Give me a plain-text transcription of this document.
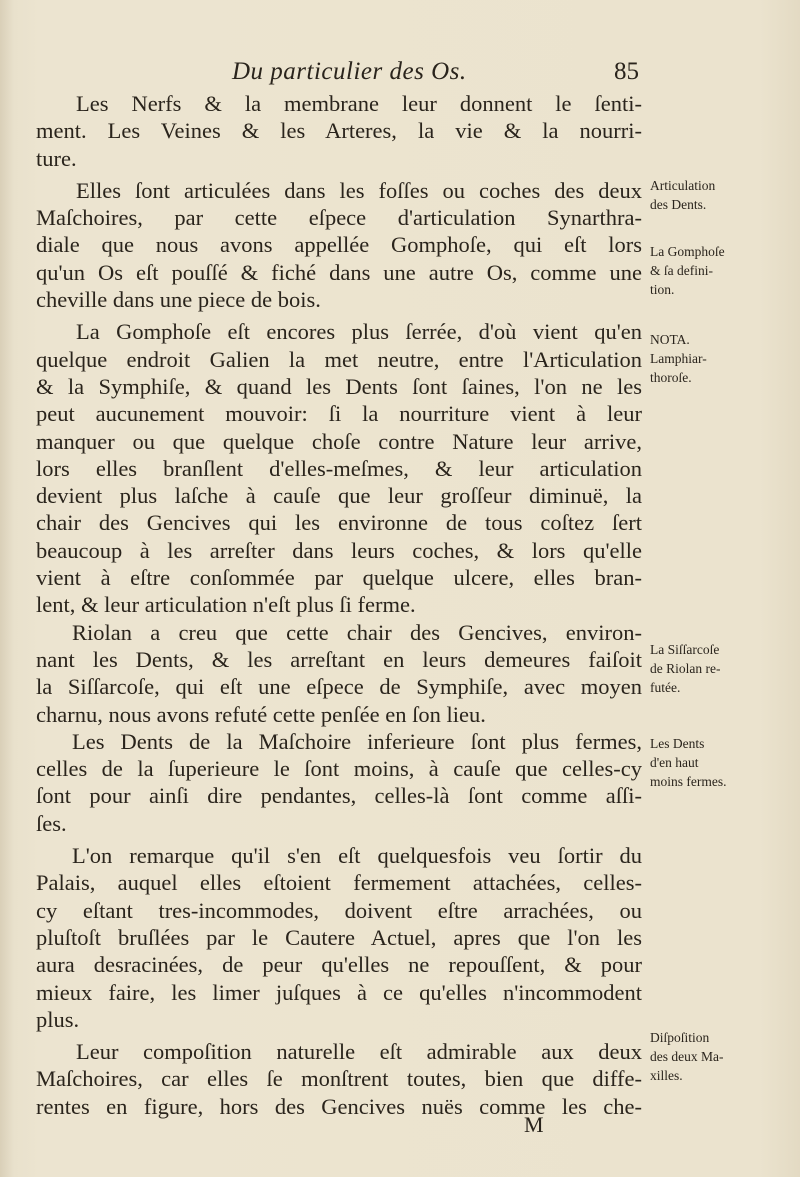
Du particulier des Os.	85
Les Nerfs & la membrane leur donnent le ſenti-
ment. Les Veines & les Arteres, la vie & la nourri-
ture.
Elles ſont articulées dans les foſſes ou coches des deux
Maſchoires, par cette eſpece d'articulation Synarthra-
diale que nous avons appellée Gomphoſe, qui eſt lors
qu'un Os eſt pouſſé & fiché dans une autre Os, comme une
cheville dans une piece de bois.
La Gomphoſe eſt encores plus ſerrée, d'où vient qu'en
quelque endroit Galien la met neutre, entre l'Articulation
& la Symphiſe, & quand les Dents ſont ſaines, l'on ne les
peut aucunement mouvoir: ſi la nourriture vient à leur
manquer ou que quelque choſe contre Nature leur arrive,
lors elles branſlent d'elles-meſmes, & leur articulation
devient plus laſche à cauſe que leur groſſeur diminuë, la
chair des Gencives qui les environne de tous coſtez ſert
beaucoup à les arreſter dans leurs coches, & lors qu'elle
vient à eſtre conſommée par quelque ulcere, elles bran-
lent, & leur articulation n'eſt plus ſi ferme.
Riolan a creu que cette chair des Gencives, environ-
nant les Dents, & les arreſtant en leurs demeures faiſoit
la Siſſarcoſe, qui eſt une eſpece de Symphiſe, avec moyen
charnu, nous avons refuté cette penſée en ſon lieu.
Les Dents de la Maſchoire inferieure ſont plus fermes,
celles de la ſuperieure le ſont moins, à cauſe que celles-cy
ſont pour ainſi dire pendantes, celles-là ſont comme aſſi-
ſes.
L'on remarque qu'il s'en eſt quelquesfois veu ſortir du
Palais, auquel elles eſtoient fermement attachées, celles-
cy eſtant tres-incommodes, doivent eſtre arrachées, ou
pluſtoſt bruſlées par le Cautere Actuel, apres que l'on les
aura desracinées, de peur qu'elles ne repouſſent, & pour
mieux faire, les limer juſques à ce qu'elles n'incommodent
plus.
Leur compoſition naturelle eſt admirable aux deux
Maſchoires, car elles ſe monſtrent toutes, bien que diffe-
rentes en figure, hors des Gencives nuës comme les che-
Articulation
des Dents.
La Gomphoſe
& ſa defini-
tion.
NOTA.
Lamphiar-
thoroſe.
La Siſſarcoſe
de Riolan re-
futée.
Les Dents
d'en haut
moins fermes.
Diſpoſition
des deux Ma-
xilles.
M
